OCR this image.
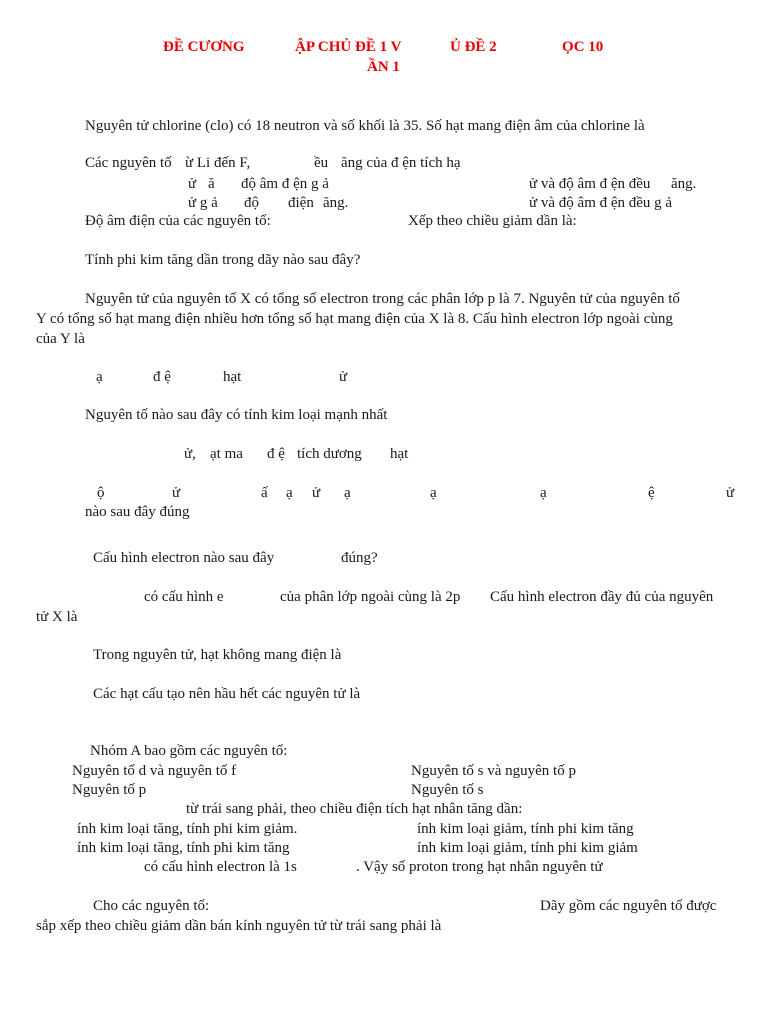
ĐỀ CƯƠNG	ẬP CHỦ ĐỀ 1 V	Ủ ĐỀ 2	ỌC 10
ẦN 1
Nguyên tử chlorine (clo) có 18 neutron và số khối là 35. Số hạt mang điện âm của chlorine là
Các nguyên tố ừ Li đến F,	ều ăng của đ ện tích hạ
ử ă độ âm đ ện g ả	ử và độ âm đ ện đều ăng.
ử g ả độ điện ăng.	ử và độ âm đ ện đều g ả
Độ âm điện của các nguyên tố:	Xếp theo chiều giảm dần là:
Tính phi kim tăng dần trong dãy nào sau đây?
Nguyên tử của nguyên tố X có tổng số electron trong các phân lớp p là 7. Nguyên tử của nguyên tố
Y có tổng số hạt mang điện nhiều hơn tổng số hạt mang điện của X là 8. Cấu hình electron lớp ngoài cùng
của Y là
ạ	đ ệ	hạt	ử
Nguyên tố nào sau đây có tính kim loại mạnh nhất
ử, ạt ma đ ệ tích dương hạt
ộ	ử	ấ ạ ử ạ	ạ	ạ	ệ	ử
nào sau đây đúng
Cấu hình electron nào sau đây	đúng?
có cấu hình e	của phân lớp ngoài cùng là 2p Cấu hình electron đầy đủ của nguyên
tử X là
Trong nguyên tử, hạt không mang điện là
Các hạt cấu tạo nên hầu hết các nguyên tử là
Nhóm A bao gồm các nguyên tố:
Nguyên tố d và nguyên tố f	Nguyên tố s và nguyên tố p
Nguyên tố p	Nguyên tố s
từ trái sang phải, theo chiều điện tích hạt nhân tăng dần:
ính kim loại tăng, tính phi kim giảm.	ính kim loại giảm, tính phi kim tăng
ính kim loại tăng, tính phi kim tăng	ính kim loại giảm, tính phi kim giảm
có cấu hình electron là 1s	. Vậy số proton trong hạt nhân nguyên tử
Cho các nguyên tố:	Dãy gồm các nguyên tố được
sắp xếp theo chiều giảm dần bán kính nguyên tử từ trái sang phải là
